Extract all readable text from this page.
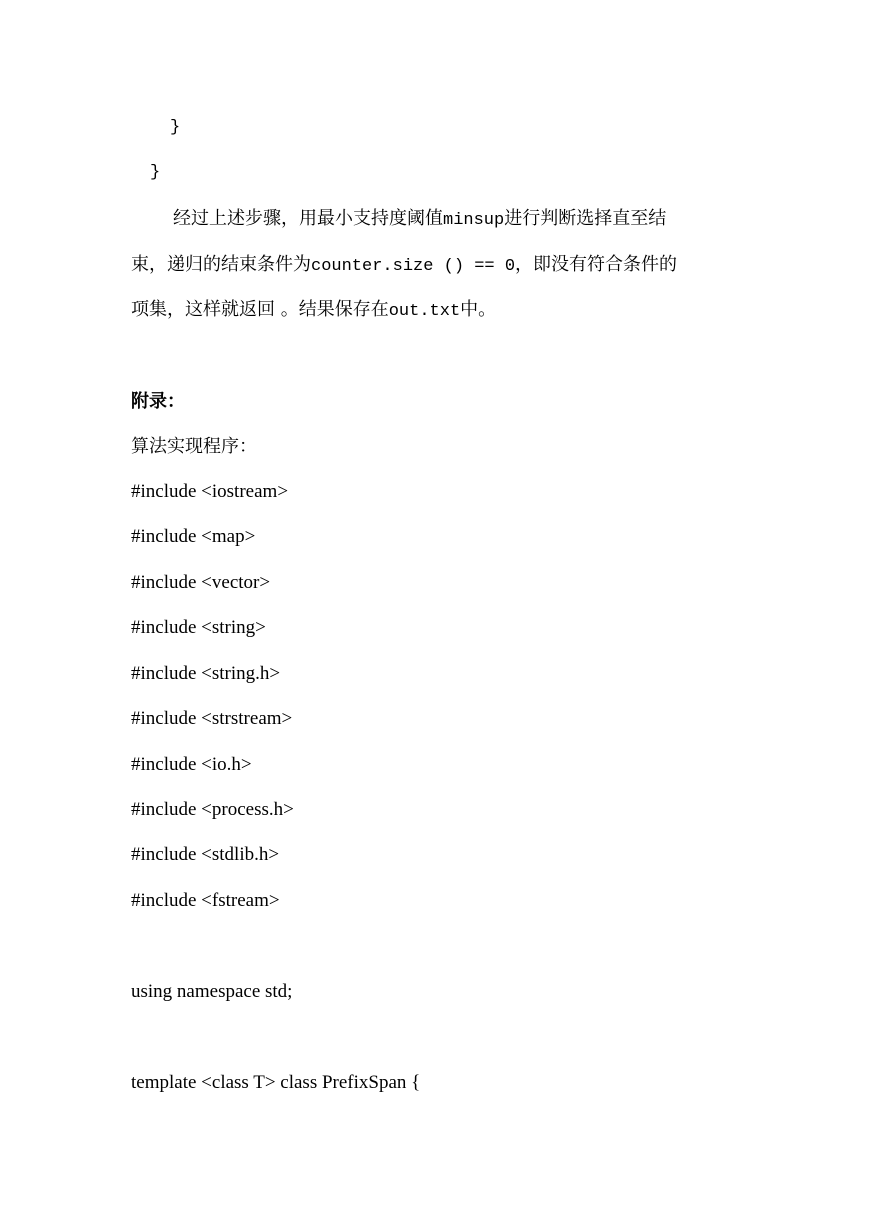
}
}
经过上述步骤，用最小支持度阈值minsup进行判断选择直至结
束，递归的结束条件为counter.size () == 0，即没有符合条件的
项集，这样就返回 。结果保存在out.txt中。
附录：
算法实现程序：
#include <iostream>
#include <map>
#include <vector>
#include <string>
#include <string.h>
#include <strstream>
#include <io.h>
#include <process.h>
#include <stdlib.h>
#include <fstream>
using namespace std;
template <class T> class PrefixSpan {
